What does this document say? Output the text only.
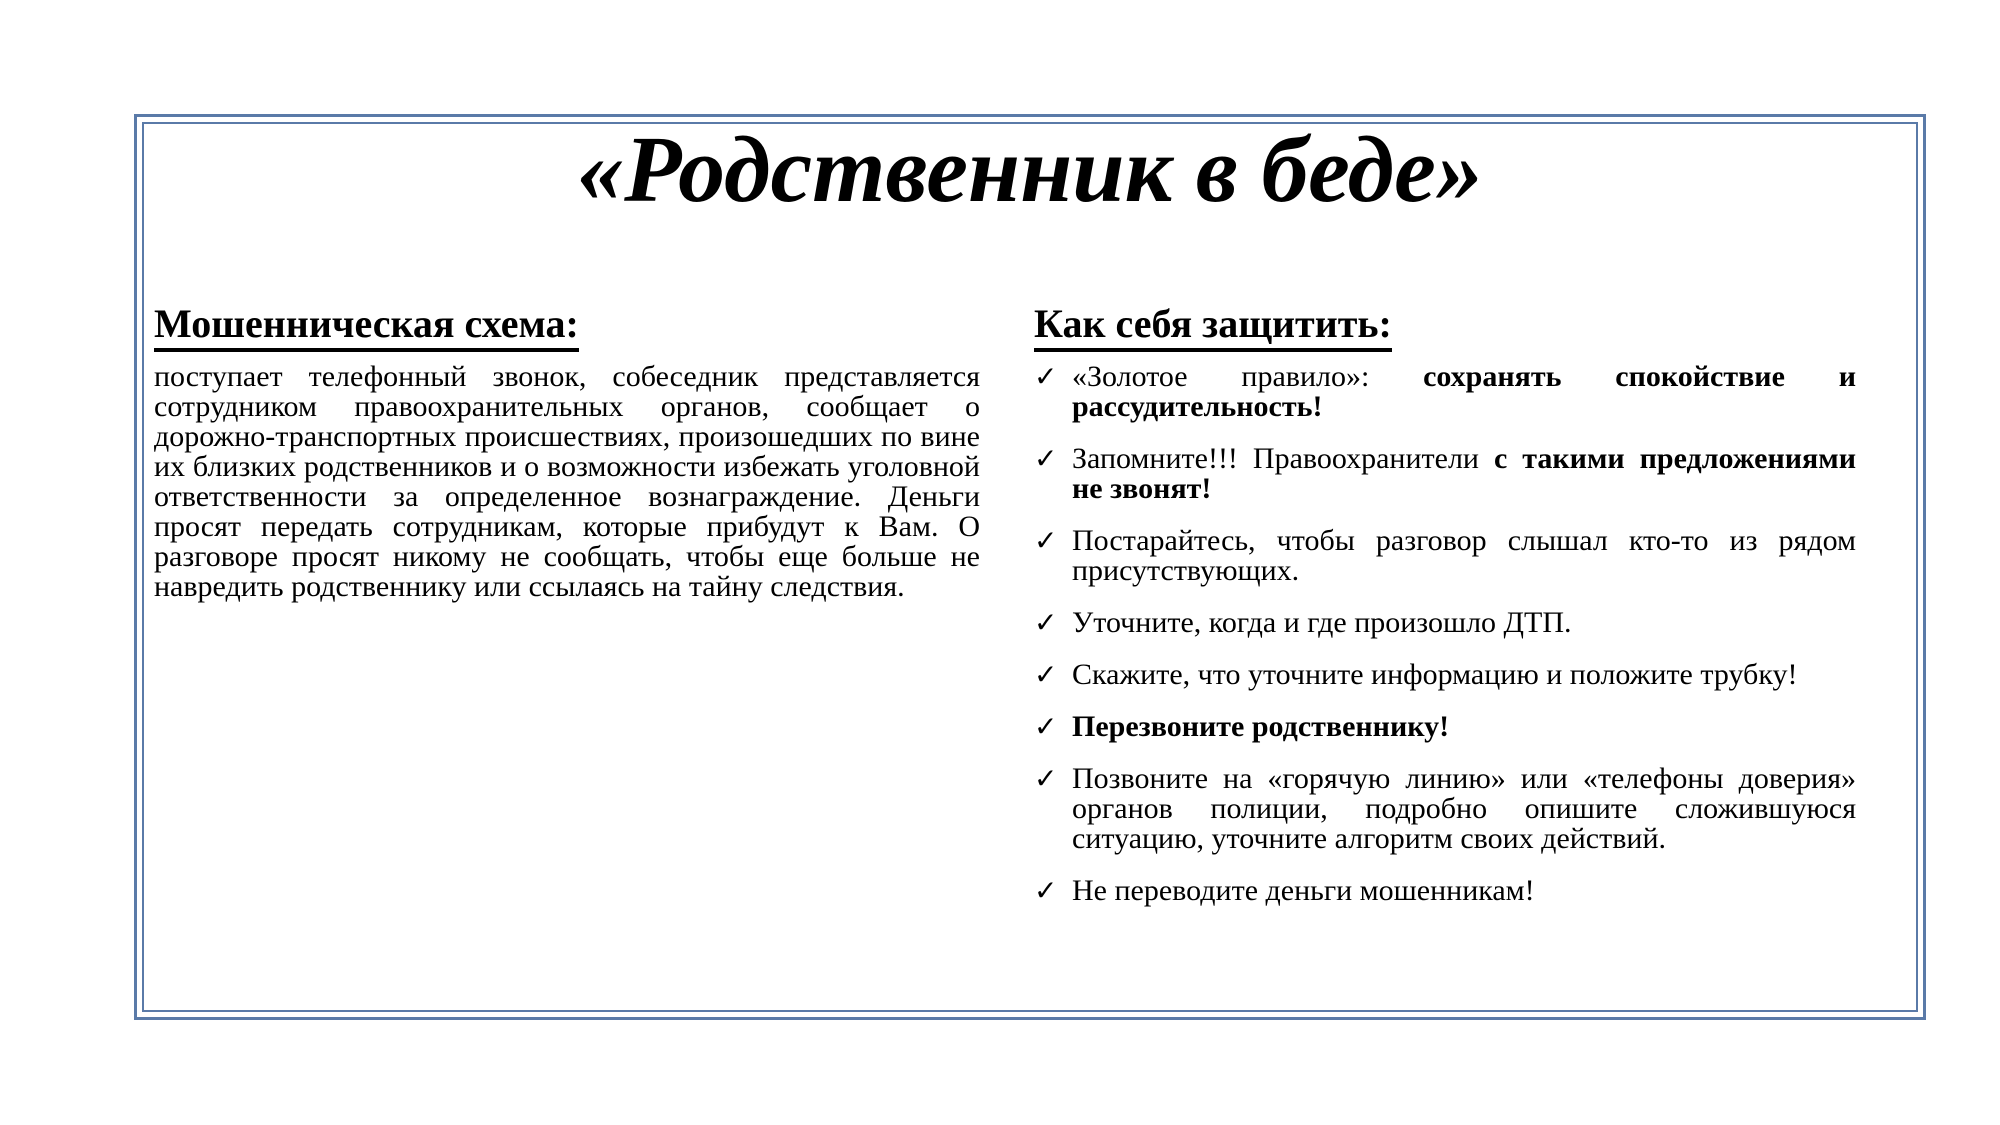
«Родственник в беде»
Мошенническая схема:
поступает телефонный звонок, собеседник представляется сотрудником правоохранительных органов, сообщает о дорожно-транспортных происшествиях, произошедших по вине их близких родственников и о возможности избежать уголовной ответственности за определенное вознаграждение. Деньги просят передать сотрудникам, которые прибудут к Вам. О разговоре просят никому не сообщать, чтобы еще больше не навредить родственнику или ссылаясь на тайну следствия.
Как себя защитить:
✓ «Золотое правило»: сохранять спокойствие и рассудительность!
✓ Запомните!!! Правоохранители с такими предложениями не звонят!
✓ Постарайтесь, чтобы разговор слышал кто-то из рядом присутствующих.
✓ Уточните, когда и где произошло ДТП.
✓ Скажите, что уточните информацию и положите трубку!
✓ Перезвоните родственнику!
✓ Позвоните на «горячую линию» или «телефоны доверия» органов полиции, подробно опишите сложившуюся ситуацию, уточните алгоритм своих действий.
✓ Не переводите деньги мошенникам!
